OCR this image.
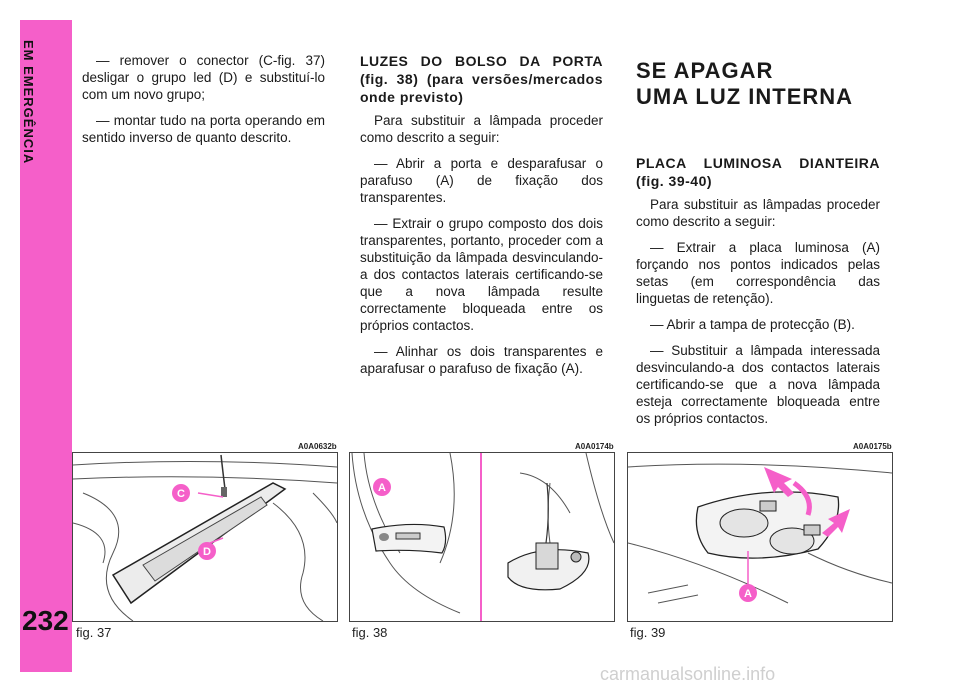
EM EMERGÊNCIA
232

— remover o conector (C-fig. 37) desligar o grupo led (D) e substituí-lo com um novo grupo;

— montar tudo na porta operando em sentido inverso de quanto descrito.

LUZES DO BOLSO DA PORTA (fig. 38) (para versões/mercados onde previsto)

Para substituir a lâmpada proceder como descrito a seguir:

— Abrir a porta e desparafusar o parafuso (A) de fixação dos transparentes.

— Extrair o grupo composto dos dois transparentes, portanto, proceder com a substituição da lâmpada desvinculando-a dos contactos laterais certificando-se que a nova lâmpada resulte correctamente bloqueada entre os próprios contactos.

— Alinhar os dois transparentes e aparafusar o parafuso de fixação (A).

SE APAGAR
UMA LUZ INTERNA
PLACA LUMINOSA DIANTEIRA (fig. 39-40)

Para substituir as lâmpadas proceder como descrito a seguir:

— Extrair a placa luminosa (A) forçando nos pontos indicados pelas setas (em correspondência das linguetas de retenção).

— Abrir a tampa de protecção (B).

— Substituir a lâmpada interessada desvinculando-a dos contactos laterais certificando-se que a nova lâmpada esteja correctamente bloqueada entre os próprios contactos.

A0A0632b	A0A0174b	A0A0175b
C
D
A
A
fig. 37	fig. 38	fig. 39
carmanualsonline.info
